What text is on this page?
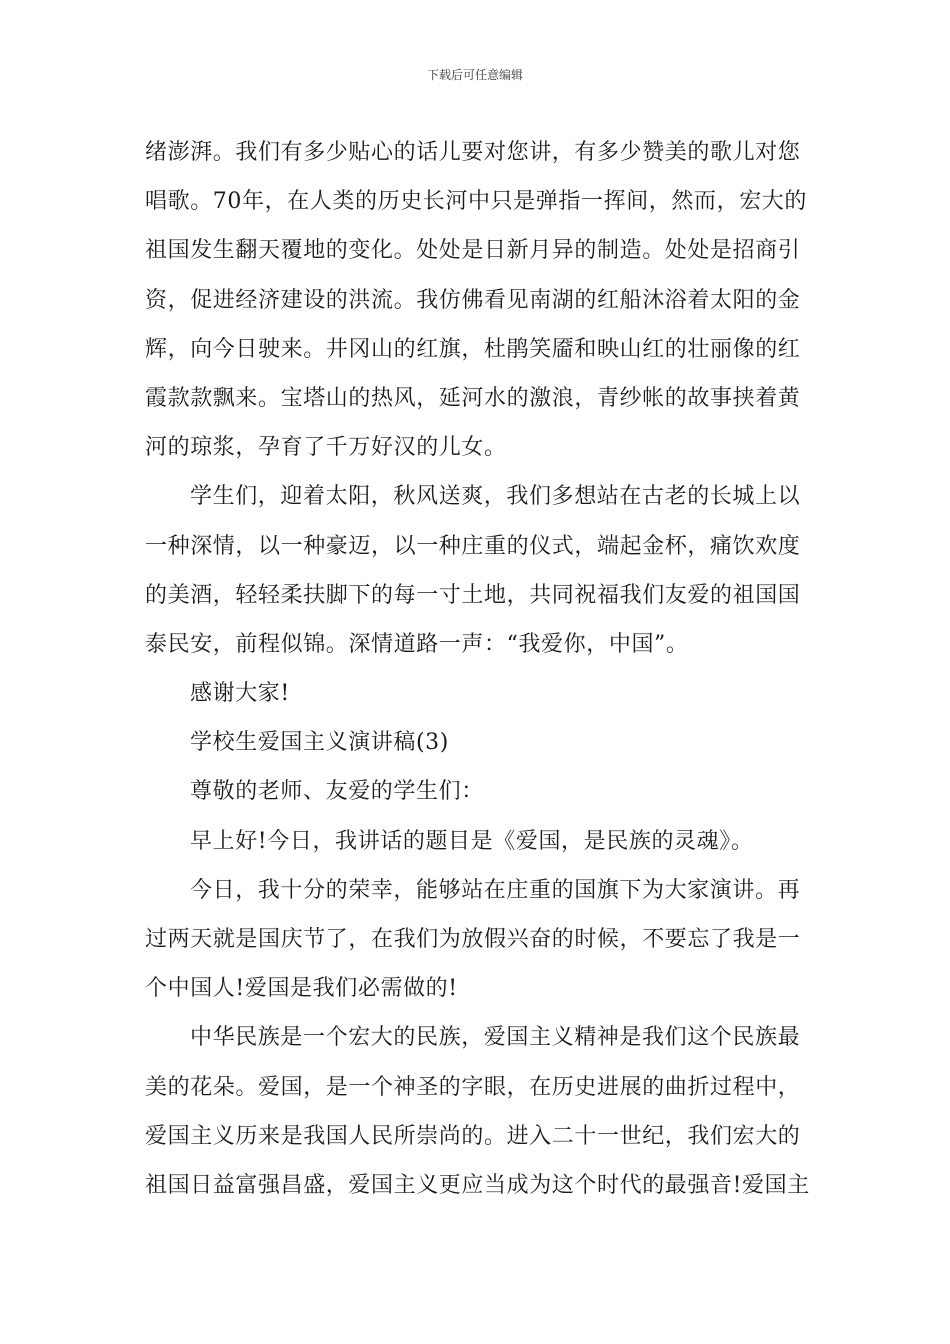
下载后可任意编辑
绪澎湃。我们有多少贴心的话儿要对您讲，有多少赞美的歌儿对您
唱歌。70年，在人类的历史长河中只是弹指一挥间，然而，宏大的
祖国发生翻天覆地的变化。处处是日新月异的制造。处处是招商引
资，促进经济建设的洪流。我仿佛看见南湖的红船沐浴着太阳的金
辉，向今日驶来。井冈山的红旗，杜鹃笑靥和映山红的壮丽像的红
霞款款飘来。宝塔山的热风，延河水的激浪，青纱帐的故事挟着黄
河的琼浆，孕育了千万好汉的儿女。
学生们，迎着太阳，秋风送爽，我们多想站在古老的长城上以
一种深情，以一种豪迈，以一种庄重的仪式，端起金杯，痛饮欢度
的美酒，轻轻柔扶脚下的每一寸土地，共同祝福我们友爱的祖国国
泰民安，前程似锦。深情道路一声：“我爱你，中国”。
感谢大家!
学校生爱国主义演讲稿(3)
尊敬的老师、友爱的学生们：
早上好!今日，我讲话的题目是《爱国，是民族的灵魂》。
今日，我十分的荣幸，能够站在庄重的国旗下为大家演讲。再
过两天就是国庆节了，在我们为放假兴奋的时候，不要忘了我是一
个中国人!爱国是我们必需做的!
中华民族是一个宏大的民族，爱国主义精神是我们这个民族最
美的花朵。爱国，是一个神圣的字眼，在历史进展的曲折过程中，
爱国主义历来是我国人民所崇尚的。进入二十一世纪，我们宏大的
祖国日益富强昌盛，爱国主义更应当成为这个时代的最强音!爱国主
